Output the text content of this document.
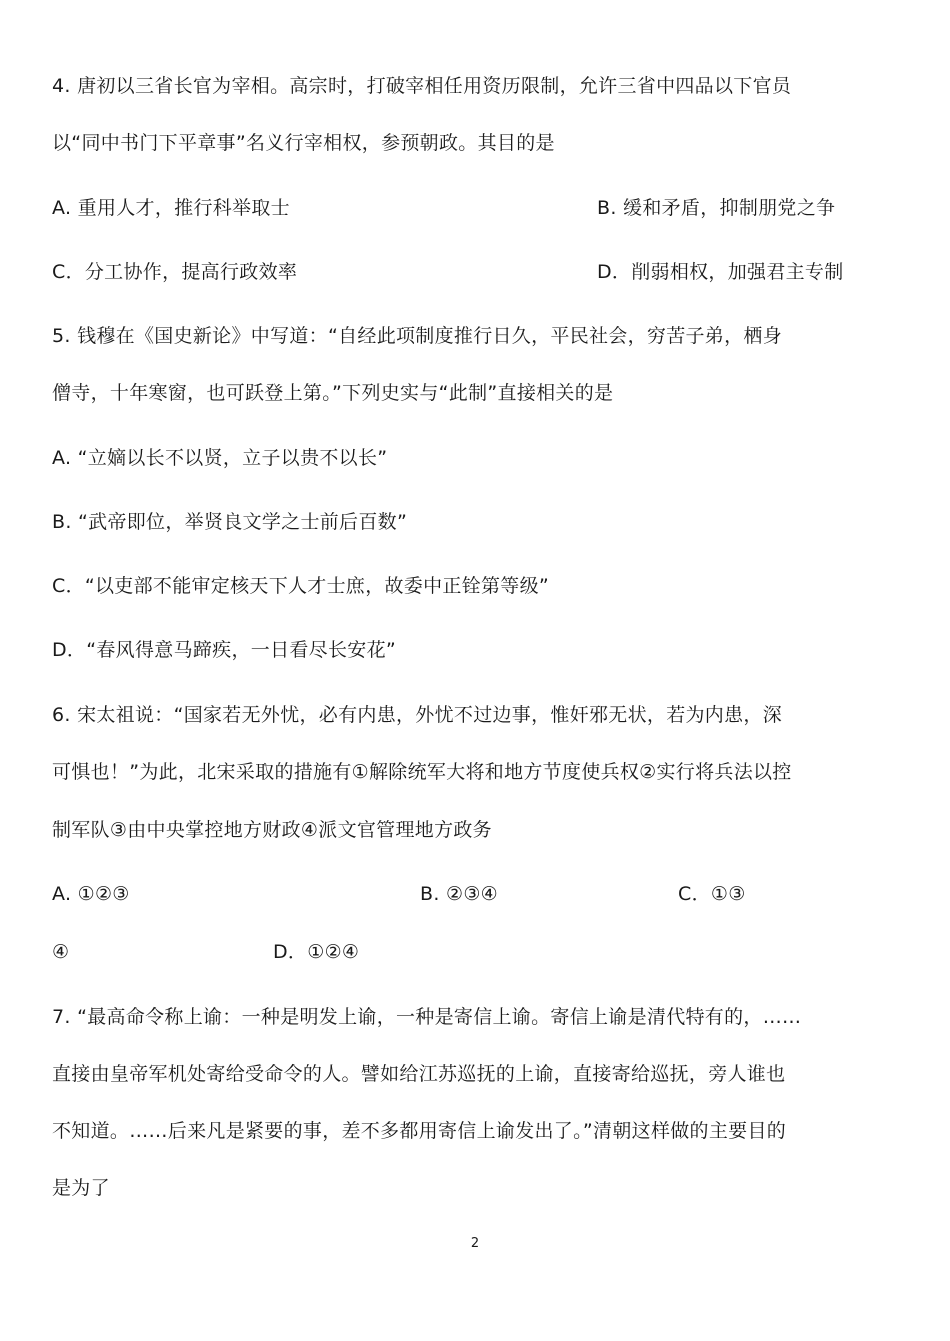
4. 唐初以三省长官为宰相。高宗时，打破宰相任用资历限制，允许三省中四品以下官员
以“同中书门下平章事”名义行宰相权，参预朝政。其目的是
A. 重用人才，推行科举取士	B. 缓和矛盾，抑制朋党之争
C．分工协作，提高行政效率	D．削弱相权，加强君主专制
5. 钱穆在《国史新论》中写道：“自经此项制度推行日久，平民社会，穷苦子弟，栖身
僧寺，十年寒窗，也可跃登上第。”下列史实与“此制”直接相关的是
A. “立嫡以长不以贤，立子以贵不以长”
B. “武帝即位，举贤良文学之士前后百数”
C．“以吏部不能审定核天下人才士庶，故委中正铨第等级”
D．“春风得意马蹄疾，一日看尽长安花”
6. 宋太祖说：“国家若无外忧，必有内患，外忧不过边事，惟奸邪无状，若为内患，深
可惧也！”为此，北宋采取的措施有①解除统军大将和地方节度使兵权②实行将兵法以控
制军队③由中央掌控地方财政④派文官管理地方政务
A. ①②③	B. ②③④	C．①③
④	D．①②④
7. “最高命令称上谕：一种是明发上谕，一种是寄信上谕。寄信上谕是清代特有的，……
直接由皇帝军机处寄给受命令的人。譬如给江苏巡抚的上谕，直接寄给巡抚，旁人谁也
不知道。……后来凡是紧要的事，差不多都用寄信上谕发出了。”清朝这样做的主要目的
是为了
2
